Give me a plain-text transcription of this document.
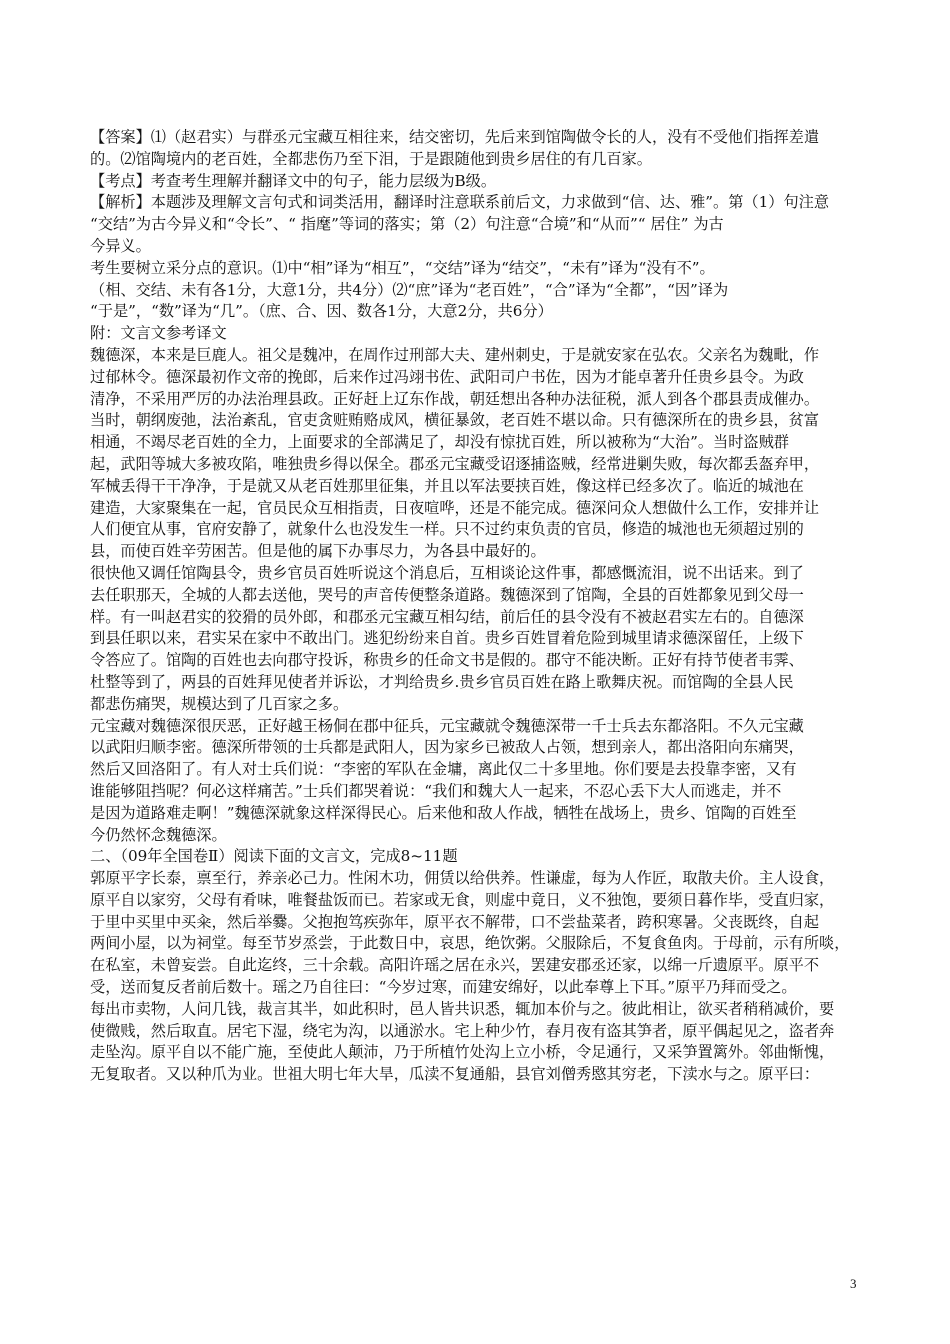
【答案】⑴（赵君实）与群丞元宝藏互相往来，结交密切，先后来到馆陶做令长的人，没有不受他们指挥差遣
的。⑵馆陶境内的老百姓，全都悲伤乃至下泪，于是跟随他到贵乡居住的有几百家。
【考点】考查考生理解并翻译文中的句子，能力层级为B级。
【解析】本题涉及理解文言句式和词类活用，翻译时注意联系前后文，力求做到“信、达、雅”。第（1）句注意
“交结”为古今异义和“令长”、“ 指麾”等词的落实；第（2）句注意“合境”和“从而”“ 居住” 为古
今异义。
考生要树立采分点的意识。⑴中“相”译为“相互”，“交结”译为“结交”，“未有”译为“没有不”。
（相、交结、未有各1分，大意1分，共4分）⑵“庶”译为“老百姓”，“合”译为“全都”，“因”译为
“于是”，“数”译为“几”。（庶、合、因、数各1分，大意2分，共6分）
附：文言文参考译文
魏德深，本来是巨鹿人。祖父是魏冲，在周作过刑部大夫、建州刺史，于是就安家在弘农。父亲名为魏毗，作
过郁林令。德深最初作文帝的挽郎，后来作过冯翊书佐、武阳司户书佐，因为才能卓著升任贵乡县令。为政
清净，不采用严厉的办法治理县政。正好赶上辽东作战，朝廷想出各种办法征税，派人到各个郡县责成催办。
当时，朝纲废弛，法治紊乱，官吏贪赃贿赂成风，横征暴敛，老百姓不堪以命。只有德深所在的贵乡县，贫富
相通，不竭尽老百姓的全力，上面要求的全部满足了，却没有惊扰百姓，所以被称为“大治”。当时盗贼群
起，武阳等城大多被攻陷，唯独贵乡得以保全。郡丞元宝藏受诏逐捕盗贼，经常进剿失败，每次都丢盔弃甲，
军械丢得干干净净，于是就又从老百姓那里征集，并且以军法要挟百姓，像这样已经多次了。临近的城池在
建造，大家聚集在一起，官员民众互相指责，日夜喧哗，还是不能完成。德深问众人想做什么工作，安排并让
人们便宜从事，官府安静了，就象什么也没发生一样。只不过约束负责的官员，修造的城池也无须超过别的
县，而使百姓辛劳困苦。但是他的属下办事尽力，为各县中最好的。
很快他又调任馆陶县令，贵乡官员百姓听说这个消息后，互相谈论这件事，都感慨流泪，说不出话来。到了
去任职那天，全城的人都去送他，哭号的声音传便整条道路。魏德深到了馆陶，全县的百姓都象见到父母一
样。有一叫赵君实的狡猾的员外郎，和郡丞元宝藏互相勾结，前后任的县令没有不被赵君实左右的。自德深
到县任职以来，君实呆在家中不敢出门。逃犯纷纷来自首。贵乡百姓冒着危险到城里请求德深留任，上级下
令答应了。馆陶的百姓也去向郡守投诉，称贵乡的任命文书是假的。郡守不能决断。正好有持节使者韦霁、
杜整等到了，两县的百姓拜见使者并诉讼，才判给贵乡.贵乡官员百姓在路上歌舞庆祝。而馆陶的全县人民
都悲伤痛哭，规模达到了几百家之多。
元宝藏对魏德深很厌恶，正好越王杨侗在郡中征兵，元宝藏就令魏德深带一千士兵去东都洛阳。不久元宝藏
以武阳归顺李密。德深所带领的士兵都是武阳人，因为家乡已被敌人占领，想到亲人，都出洛阳向东痛哭，
然后又回洛阳了。有人对士兵们说：“李密的军队在金墉，离此仅二十多里地。你们要是去投靠李密，又有
谁能够阻挡呢？何必这样痛苦。”士兵们都哭着说：“我们和魏大人一起来，不忍心丢下大人而逃走，并不
是因为道路难走啊！”魏德深就象这样深得民心。后来他和敌人作战，牺牲在战场上，贵乡、馆陶的百姓至
今仍然怀念魏德深。
二、（09年全国卷Ⅱ）阅读下面的文言文，完成8~11题
郭原平字长泰，禀至行，养亲必己力。性闲木功，佣赁以给供养。性谦虚，每为人作匠，取散夫价。主人设食，
原平自以家穷，父母有肴味，唯餐盐饭而已。若家或无食，则虚中竟日，义不独饱，要须日暮作毕，受直归家，
于里中买里中买籴，然后举爨。父抱抱笃疾弥年，原平衣不解带，口不尝盐菜者，跨积寒暑。父丧既终，自起
两间小屋，以为祠堂。每至节岁烝尝，于此数日中，哀思，绝饮粥。父服除后，不复食鱼肉。于母前，示有所啖，
在私室，未曾妄尝。自此迄终，三十余载。高阳许瑶之居在永兴，罢建安郡丞还家，以绵一斤遗原平。原平不
受，送而复反者前后数十。瑶之乃自往曰：“今岁过寒，而建安绵好，以此奉尊上下耳。”原平乃拜而受之。
每出市卖物，人问几钱，裁言其半，如此积时，邑人皆共识悉，辄加本价与之。彼此相让，欲买者稍稍减价，要
使微贱，然后取直。居宅下湿，绕宅为沟，以通淤水。宅上种少竹，春月夜有盗其笋者，原平偶起见之，盗者奔
走坠沟。原平自以不能广施，至使此人颠沛，乃于所植竹处沟上立小桥，令足通行，又采笋置篱外。邻曲惭愧，
无复取者。又以种爪为业。世祖大明七年大旱，瓜渎不复通船，县官刘僧秀愍其穷老，下渎水与之。原平曰：
3
